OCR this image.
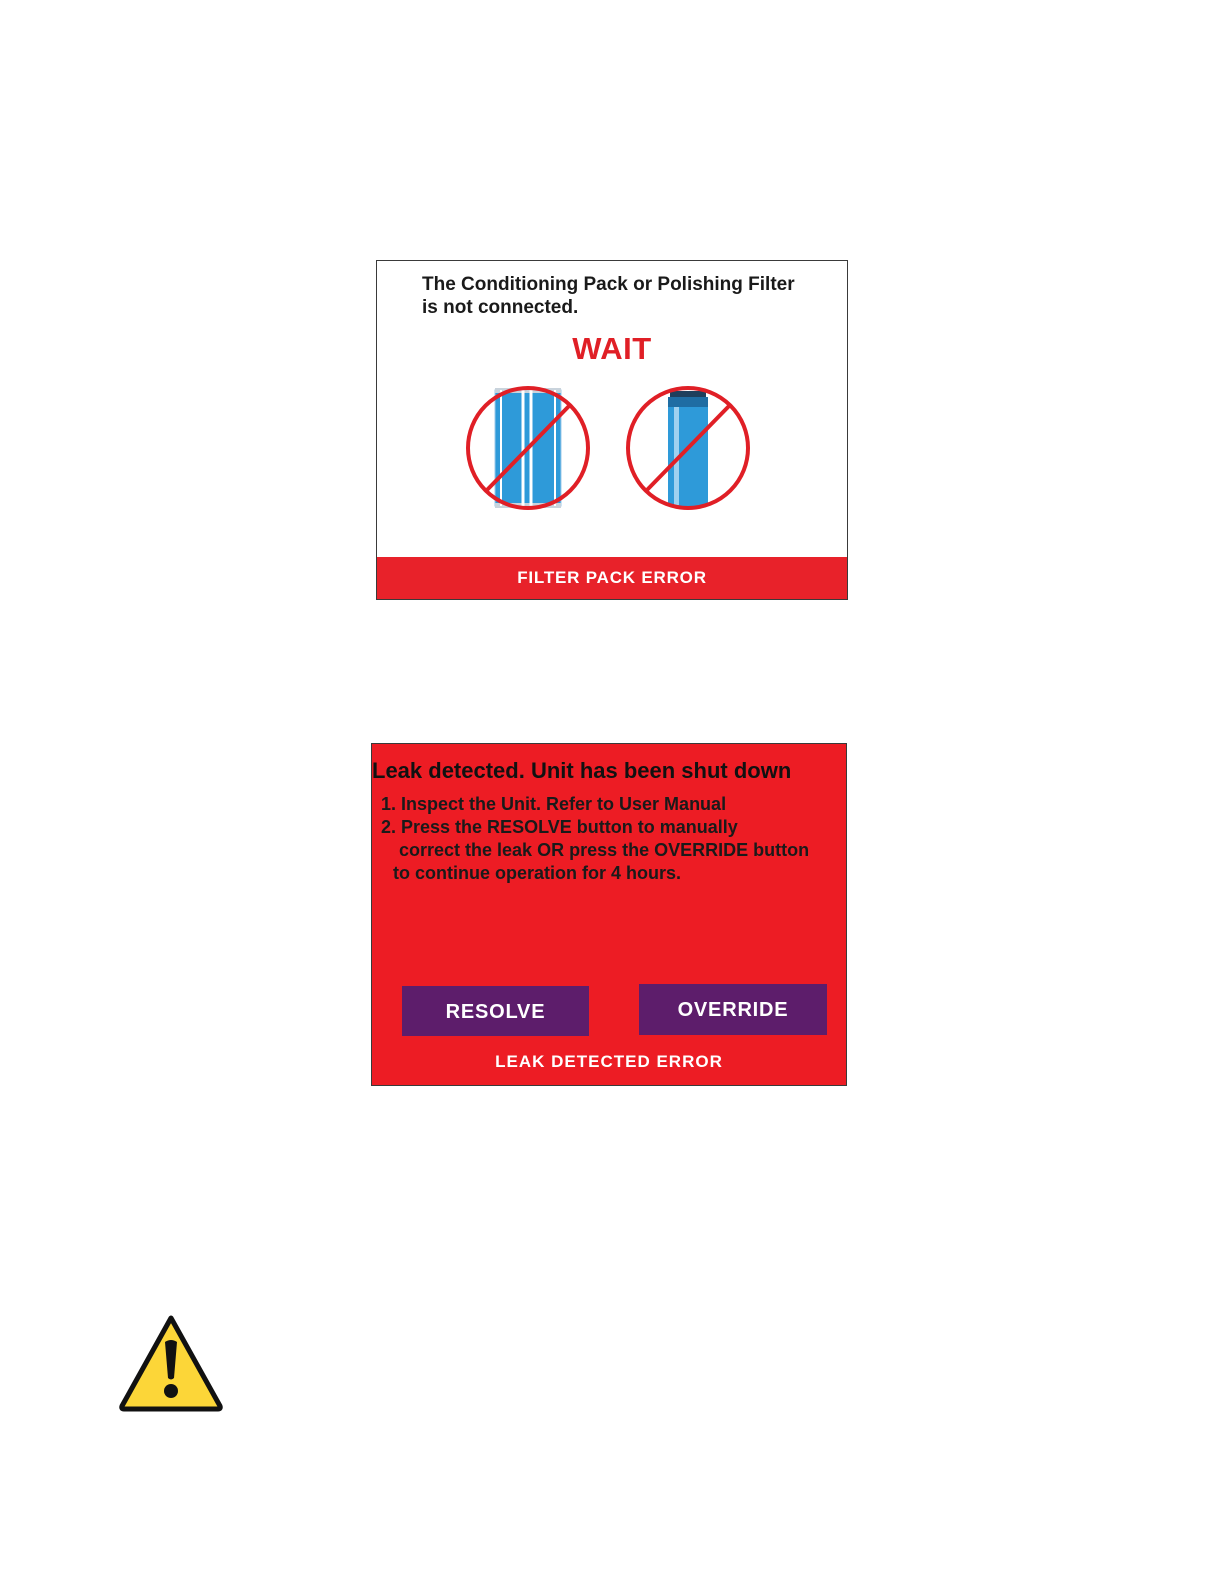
The Conditioning Pack or Polishing Filter
is not connected.
WAIT
FILTER PACK ERROR
Leak detected. Unit has been shut down
1. Inspect the Unit. Refer to User Manual
2. Press the RESOLVE button to manually
correct the leak OR press the OVERRIDE button
to continue operation for 4 hours.
RESOLVE	OVERRIDE
LEAK DETECTED ERROR
